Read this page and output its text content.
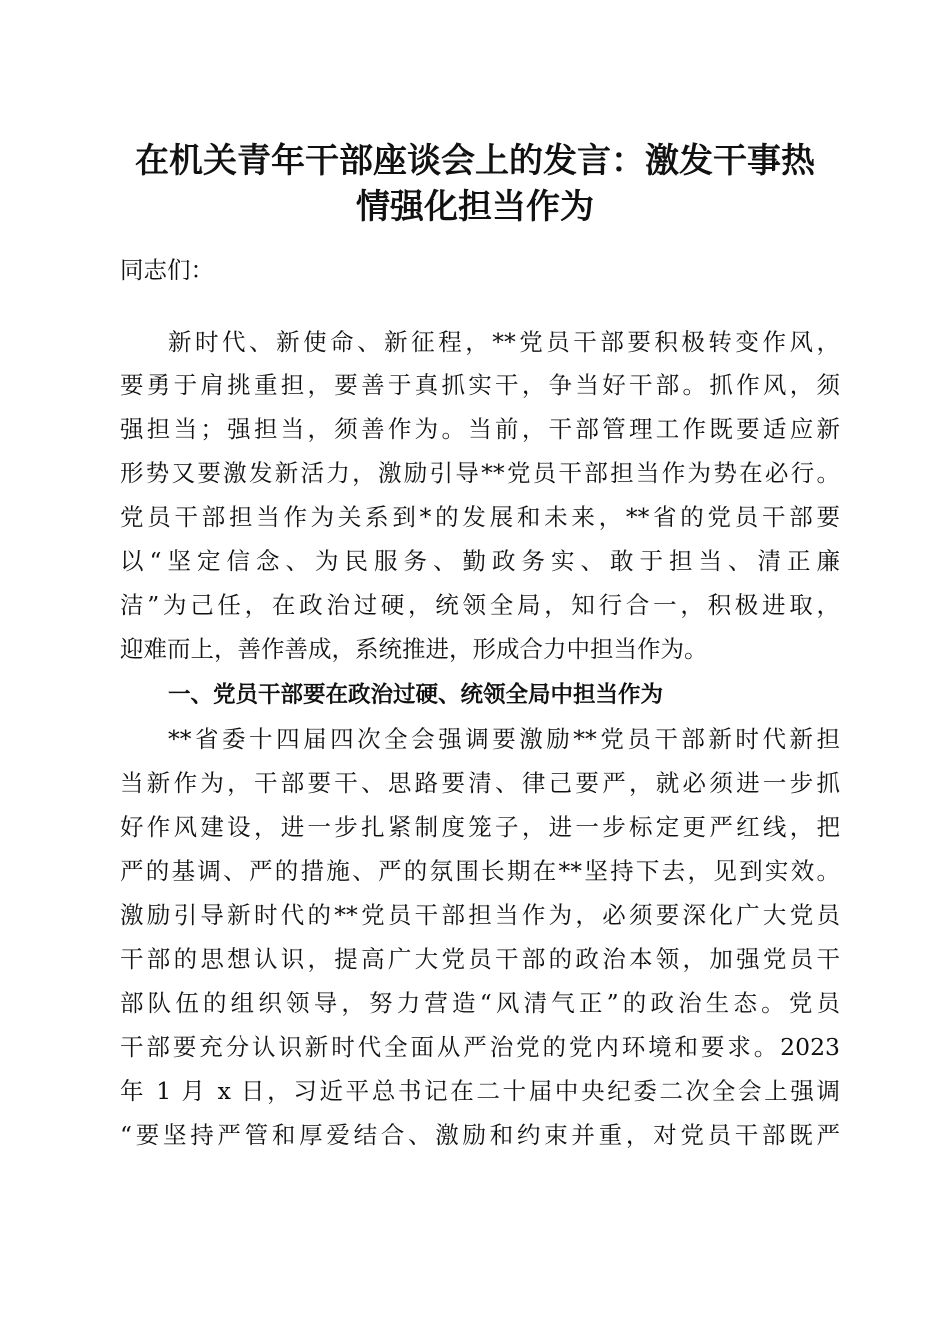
在机关青年干部座谈会上的发言：激发干事热
情强化担当作为
同志们：
新时代、新使命、新征程，**党员干部要积极转变作风，
要勇于肩挑重担，要善于真抓实干，争当好干部。抓作风，须
强担当；强担当，须善作为。当前，干部管理工作既要适应新
形势又要激发新活力，激励引导**党员干部担当作为势在必行。
党员干部担当作为关系到*的发展和未来，**省的党员干部要
以“坚定信念、为民服务、勤政务实、敢于担当、清正廉
洁”为己任，在政治过硬，统领全局，知行合一，积极进取，
迎难而上，善作善成，系统推进，形成合力中担当作为。
一、党员干部要在政治过硬、统领全局中担当作为
**省委十四届四次全会强调要激励**党员干部新时代新担
当新作为，干部要干、思路要清、律己要严，就必须进一步抓
好作风建设，进一步扎紧制度笼子，进一步标定更严红线，把
严的基调、严的措施、严的氛围长期在**坚持下去，见到实效。
激励引导新时代的**党员干部担当作为，必须要深化广大党员
干部的思想认识，提高广大党员干部的政治本领，加强党员干
部队伍的组织领导，努力营造“风清气正”的政治生态。党员
干部要充分认识新时代全面从严治党的党内环境和要求。2023
年 1 月 x 日，习近平总书记在二十届中央纪委二次全会上强调
“要坚持严管和厚爱结合、激励和约束并重，对党员干部既严
